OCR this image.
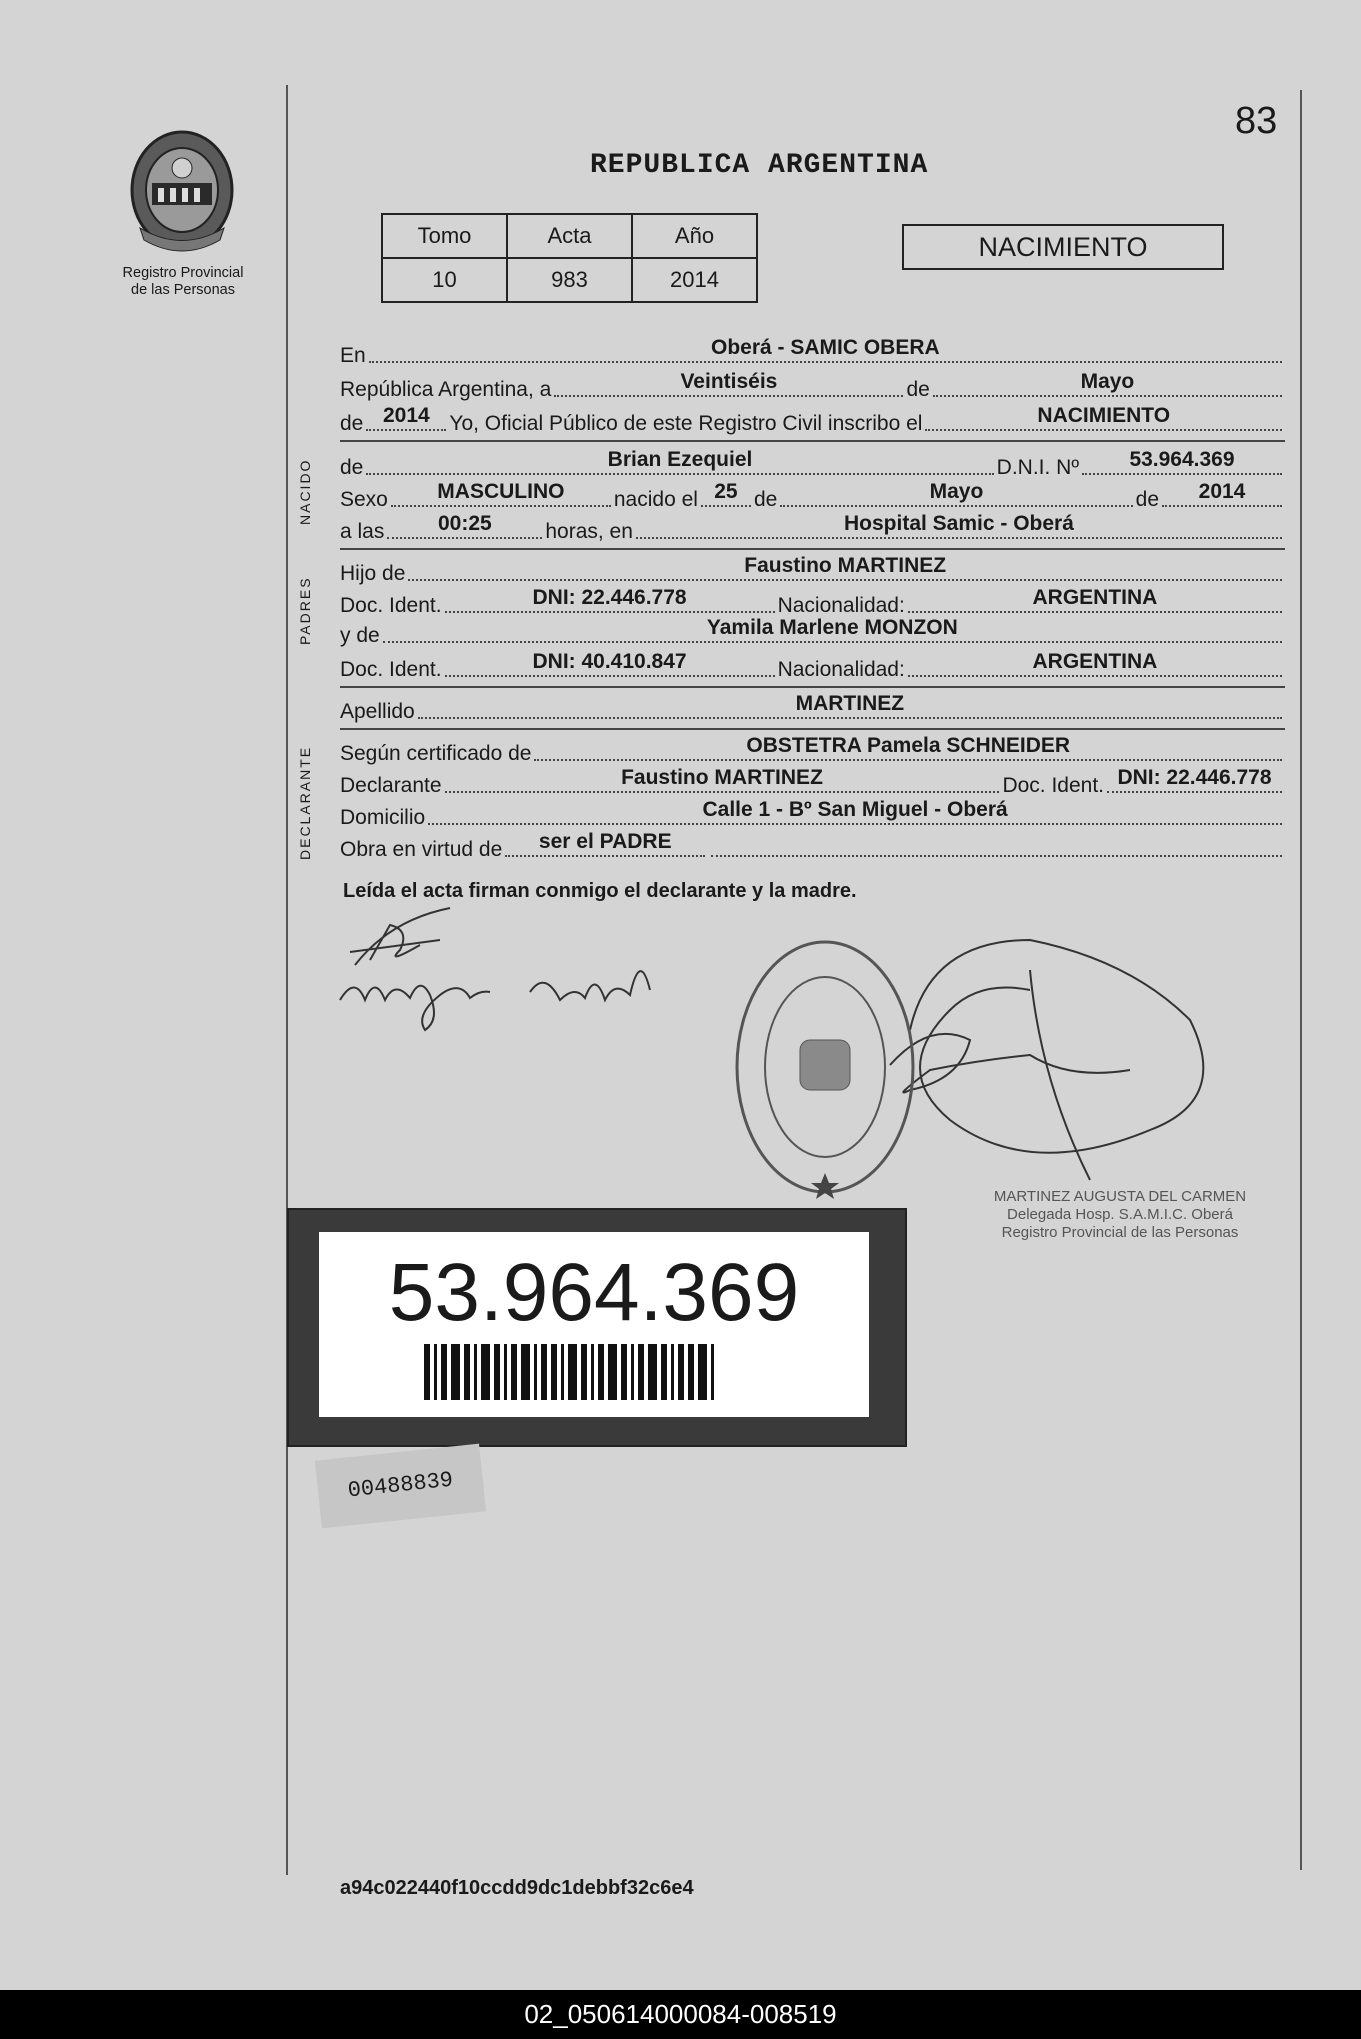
83
REPUBLICA ARGENTINA
Registro Provincial
de las Personas
Tomo	Acta	Año
10	983	2014
NACIMIENTO
En	Oberá - SAMIC OBERA
República Argentina, a	Veintiséis	de	Mayo
de 2014 Yo, Oficial Público de este Registro Civil inscribo el	NACIMIENTO
NACIDO de	Brian Ezequiel	D.N.I. Nº	53.964.369
Sexo	MASCULINO	nacido el 25 de	Mayo	de	2014
a las	00:25	horas, en	Hospital Samic - Oberá
PADRES
Hijo de	Faustino MARTINEZ
Doc. Ident.	DNI: 22.446.778	Nacionalidad:	ARGENTINA
y de	Yamila Marlene MONZON
Doc. Ident.	DNI: 40.410.847	Nacionalidad:	ARGENTINA
Apellido	MARTINEZ
DECLARANTE Según certificado de	OBSTETRA Pamela SCHNEIDER
Declarante	Faustino MARTINEZ	Doc. Ident. DNI: 22.446.778
Domicilio	Calle 1 - Bº San Miguel - Oberá
Obra en virtud de	ser el PADRE
Leída el acta firman conmigo el declarante y la madre.
MARTINEZ AUGUSTA DEL CARMEN
Delegada Hosp. S.A.M.I.C. Oberá
Registro Provincial de las Personas
53.964.369
00488839
a94c022440f10ccdd9dc1debbf32c6e4
02_050614000084-008519
